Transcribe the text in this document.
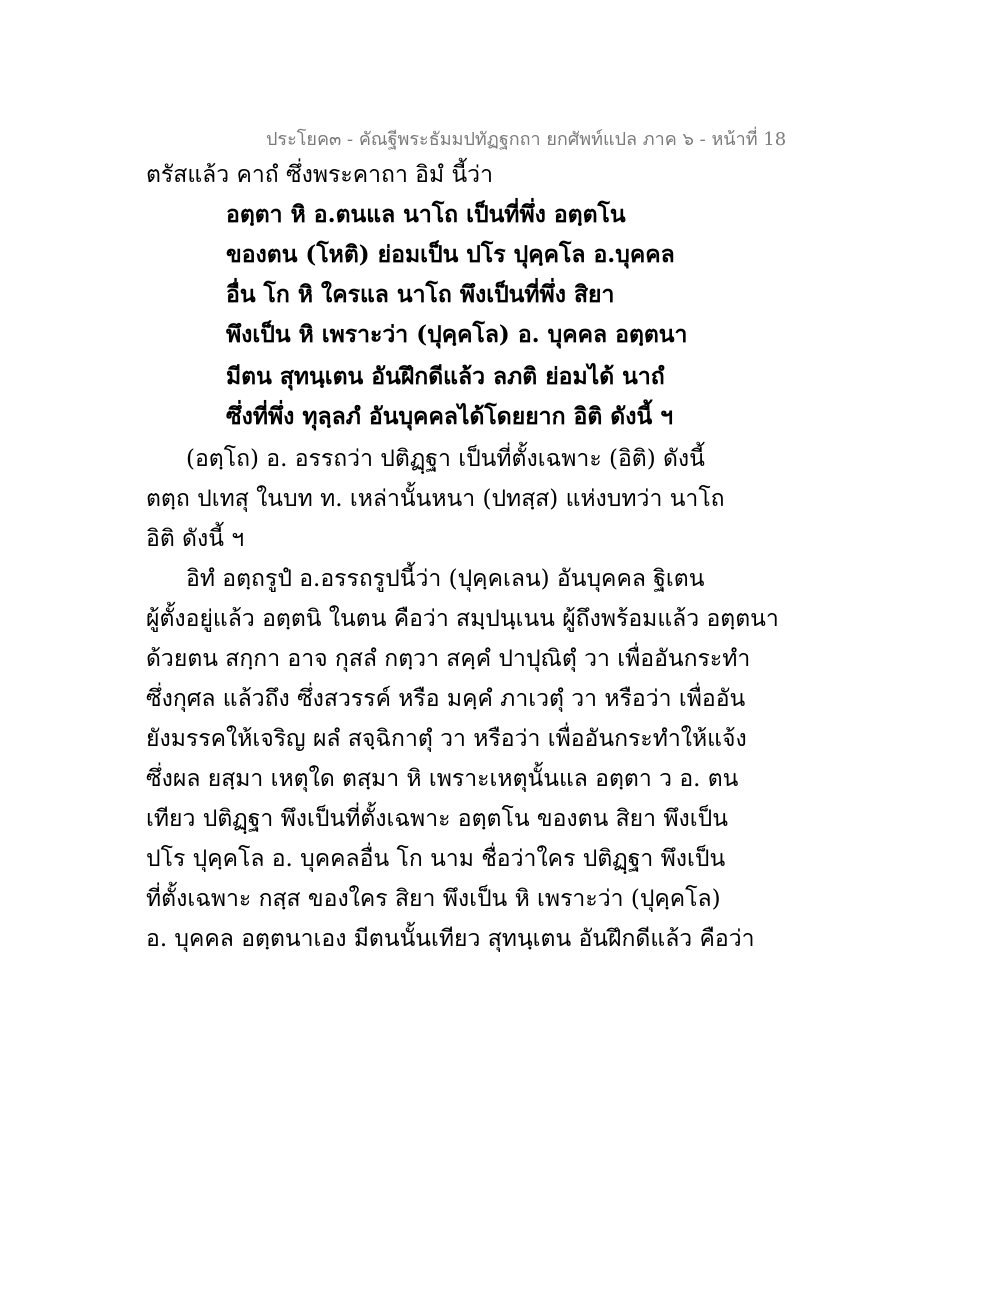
ประโยค๓ - คัณฐีพระธัมมปทัฏฐกถา ยกศัพท์แปล ภาค ๖ - หน้าที่ 18
ตรัสแล้ว คาถํ ซึ่งพระคาถา อิมํ นี้ว่า
อตฺตา หิ อ.ตนแล นาโถ เป็นที่พึ่ง อตฺตโน
ของตน (โหติ) ย่อมเป็น ปโร ปุคฺคโล อ.บุคคล
อื่น โก หิ ใครแล นาโถ พึงเป็นที่พึ่ง สิยา
พึงเป็น หิ เพราะว่า (ปุคฺคโล) อ. บุคคล อตฺตนา
มีตน สุทนฺเตน อันฝึกดีแล้ว ลภติ ย่อมได้ นาถํ
ซึ่งที่พึ่ง ทุลฺลภํ อันบุคคลได้โดยยาก อิติ ดังนี้ ฯ
(อตฺโถ) อ. อรรถว่า ปติฏฺฐา เป็นที่ตั้งเฉพาะ (อิติ) ดังนี้
ตตฺถ ปเทสุ ในบท ท. เหล่านั้นหนา (ปทสฺส) แห่งบทว่า นาโถ
อิติ ดังนี้ ฯ
อิทํ อตฺถรูปํ อ.อรรถรูปนี้ว่า (ปุคฺคเลน) อันบุคคล ฐิเตน
ผู้ตั้งอยู่แล้ว อตฺตนิ ในตน คือว่า สมฺปนฺเนน ผู้ถึงพร้อมแล้ว อตฺตนา
ด้วยตน สกฺกา อาจ กุสลํ กตฺวา สคฺคํ ปาปุณิตุํ วา เพื่ออันกระทำ
ซึ่งกุศล แล้วถึง ซึ่งสวรรค์ หรือ มคฺคํ ภาเวตุํ วา หรือว่า เพื่ออัน
ยังมรรคให้เจริญ ผลํ สจฺฉิกาตุํ วา หรือว่า เพื่ออันกระทำให้แจ้ง
ซึ่งผล ยสฺมา เหตุใด ตสฺมา หิ เพราะเหตุนั้นแล อตฺตา ว อ. ตน
เทียว ปติฏฺฐา พึงเป็นที่ตั้งเฉพาะ อตฺตโน ของตน สิยา พึงเป็น
ปโร ปุคฺคโล อ. บุคคลอื่น โก นาม ชื่อว่าใคร ปติฏฺฐา พึงเป็น
ที่ตั้งเฉพาะ กสฺส ของใคร สิยา พึงเป็น หิ เพราะว่า (ปุคฺคโล)
อ. บุคคล อตฺตนาเอง มีตนนั้นเทียว สุทนฺเตน อันฝึกดีแล้ว คือว่า
